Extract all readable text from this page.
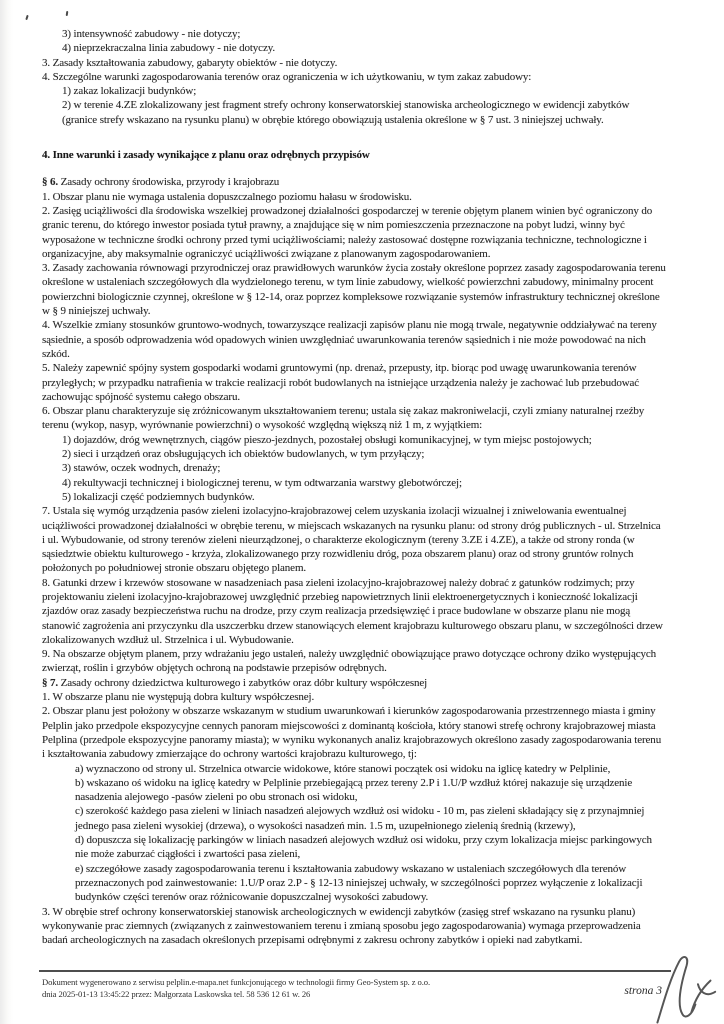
3) intensywność zabudowy - nie dotyczy;
4) nieprzekraczalna linia zabudowy - nie dotyczy.
3. Zasady kształtowania zabudowy, gabaryty obiektów - nie dotyczy.
4. Szczególne warunki zagospodarowania terenów oraz ograniczenia w ich użytkowaniu, w tym zakaz zabudowy:
1) zakaz lokalizacji budynków;
2) w terenie 4.ZE zlokalizowany jest fragment strefy ochrony konserwatorskiej stanowiska archeologicznego w ewidencji zabytków (granice strefy wskazano na rysunku planu) w obrębie którego obowiązują ustalenia określone w § 7 ust. 3 niniejszej uchwały.
4. Inne warunki i zasady wynikające z planu oraz odrębnych przypisów
§ 6. Zasady ochrony środowiska, przyrody i krajobrazu
1. Obszar planu nie wymaga ustalenia dopuszczalnego poziomu hałasu w środowisku.
2. Zasięg uciążliwości dla środowiska wszelkiej prowadzonej działalności gospodarczej w terenie objętym planem winien być ograniczony do granic terenu, do którego inwestor posiada tytuł prawny, a znajdujące się w nim pomieszczenia przeznaczone na pobyt ludzi, winny być wyposażone w techniczne środki ochrony przed tymi uciążliwościami; należy zastosować dostępne rozwiązania techniczne, technologiczne i organizacyjne, aby maksymalnie ograniczyć uciążliwości związane z planowanym zagospodarowaniem.
3. Zasady zachowania równowagi przyrodniczej oraz prawidłowych warunków życia zostały określone poprzez zasady zagospodarowania terenu określone w ustaleniach szczegółowych dla wydzielonego terenu, w tym linie zabudowy, wielkość powierzchni zabudowy, minimalny procent powierzchni biologicznie czynnej, określone w § 12-14, oraz poprzez kompleksowe rozwiązanie systemów infrastruktury technicznej określone w § 9 niniejszej uchwały.
4. Wszelkie zmiany stosunków gruntowo-wodnych, towarzyszące realizacji zapisów planu nie mogą trwale, negatywnie oddziaływać na tereny sąsiednie, a sposób odprowadzenia wód opadowych winien uwzględniać uwarunkowania terenów sąsiednich i nie może powodować na nich szkód.
5. Należy zapewnić spójny system gospodarki wodami gruntowymi (np. drenaż, przepusty, itp. biorąc pod uwagę uwarunkowania terenów przyległych; w przypadku natrafienia w trakcie realizacji robót budowlanych na istniejące urządzenia należy je zachować lub przebudować zachowując spójność systemu całego obszaru.
6. Obszar planu charakteryzuje się zróżnicowanym ukształtowaniem terenu; ustala się zakaz makroniwelacji, czyli zmiany naturalnej rzeźby terenu (wykop, nasyp, wyrównanie powierzchni) o wysokość względną większą niż 1 m, z wyjątkiem:
1) dojazdów, dróg wewnętrznych, ciągów pieszo-jezdnych, pozostałej obsługi komunikacyjnej, w tym miejsc postojowych;
2) sieci i urządzeń oraz obsługujących ich obiektów budowlanych, w tym przyłączy;
3) stawów, oczek wodnych, drenaży;
4) rekultywacji technicznej i biologicznej terenu, w tym odtwarzania warstwy glebotwórczej;
5) lokalizacji część podziemnych budynków.
7. Ustala się wymóg urządzenia pasów zieleni izolacyjno-krajobrazowej celem uzyskania izolacji wizualnej i zniwelowania ewentualnej uciążliwości prowadzonej działalności w obrębie terenu, w miejscach wskazanych na rysunku planu: od strony dróg publicznych - ul. Strzelnica i ul. Wybudowanie, od strony terenów zieleni nieurządzonej, o charakterze ekologicznym (tereny 3.ZE i 4.ZE), a także od strony ronda (w sąsiedztwie obiektu kulturowego - krzyża, zlokalizowanego przy rozwidleniu dróg, poza obszarem planu) oraz od strony gruntów rolnych położonych po południowej stronie obszaru objętego planem.
8. Gatunki drzew i krzewów stosowane w nasadzeniach pasa zieleni izolacyjno-krajobrazowej należy dobrać z gatunków rodzimych; przy projektowaniu zieleni izolacyjno-krajobrazowej uwzględnić przebieg napowietrznych linii elektroenergetycznych i konieczność lokalizacji zjazdów oraz zasady bezpieczeństwa ruchu na drodze, przy czym realizacja przedsięwzięć i prace budowlane w obszarze planu nie mogą stanowić zagrożenia ani przyczynku dla uszczerbku drzew stanowiących element krajobrazu kulturowego obszaru planu, w szczególności drzew zlokalizowanych wzdłuż ul. Strzelnica i ul. Wybudowanie.
9. Na obszarze objętym planem, przy wdrażaniu jego ustaleń, należy uwzględnić obowiązujące prawo dotyczące ochrony dziko występujących zwierząt, roślin i grzybów objętych ochroną na podstawie przepisów odrębnych.
§ 7. Zasady ochrony dziedzictwa kulturowego i zabytków oraz dóbr kultury współczesnej
1. W obszarze planu nie występują dobra kultury współczesnej.
2. Obszar planu jest położony w obszarze wskazanym w studium uwarunkowań i kierunków zagospodarowania przestrzennego miasta i gminy Pelplin jako przedpole ekspozycyjne cennych panoram miejscowości z dominantą kościoła, który stanowi strefę ochrony krajobrazowej miasta Pelplina (przedpole ekspozycyjne panoramy miasta); w wyniku wykonanych analiz krajobrazowych określono zasady zagospodarowania terenu i kształtowania zabudowy zmierzające do ochrony wartości krajobrazu kulturowego, tj:
a) wyznaczono od strony ul. Strzelnica otwarcie widokowe, które stanowi początek osi widoku na iglicę katedry w Pelplinie,
b) wskazano oś widoku na iglicę katedry w Pelplinie przebiegającą przez tereny 2.P i 1.U/P wzdłuż której nakazuje się urządzenie nasadzenia alejowego -pasów zieleni po obu stronach osi widoku,
c) szerokość każdego pasa zieleni w liniach nasadzeń alejowych wzdłuż osi widoku - 10 m, pas zieleni składający się z przynajmniej jednego pasa zieleni wysokiej (drzewa), o wysokości nasadzeń min. 1.5 m, uzupełnionego zielenią średnią (krzewy),
d) dopuszcza się lokalizację parkingów w liniach nasadzeń alejowych wzdłuż osi widoku, przy czym lokalizacja miejsc parkingowych nie może zaburzać ciągłości i zwartości pasa zieleni,
e) szczegółowe zasady zagospodarowania terenu i kształtowania zabudowy wskazano w ustaleniach szczegółowych dla terenów przeznaczonych pod zainwestowanie: 1.U/P oraz 2.P - § 12-13 niniejszej uchwały, w szczególności poprzez wyłączenie z lokalizacji budynków części terenów oraz różnicowanie dopuszczalnej wysokości zabudowy.
3. W obrębie stref ochrony konserwatorskiej stanowisk archeologicznych w ewidencji zabytków (zasięg stref wskazano na rysunku planu) wykonywanie prac ziemnych (związanych z zainwestowaniem terenu i zmianą sposobu jego zagospodarowania) wymaga przeprowadzenia badań archeologicznych na zasadach określonych przepisami odrębnymi z zakresu ochrony zabytków i opieki nad zabytkami.
Dokument wygenerowano z serwisu pelplin.e-mapa.net funkcjonującego w technologii firmy Geo-System sp. z o.o.
dnia 2025-01-13 13:45:22 przez: Małgorzata Laskowska tel. 58 536 12 61 w. 26	strona 3
